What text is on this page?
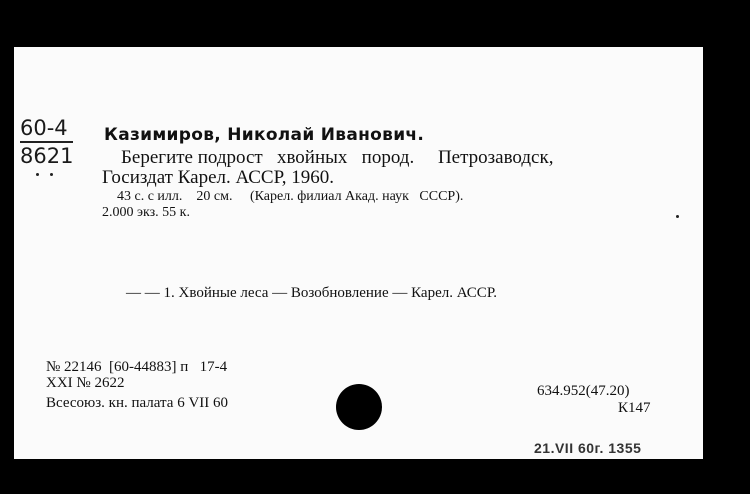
60-4
8621
Казимиров, Николай Иванович.
Берегите подрост   хвойных   пород.     Петрозаводск,
Госиздат Карел. АССР, 1960.
43 с. с илл.    20 см.     (Карел. филиал Акад. наук   СССР).
2.000 экз. 55 к.
— — 1. Хвойные леса — Возобновление — Карел. АССР.
№ 22146  [60-44883] п   17-4
XXI № 2622
Всесоюз. кн. палата 6 VII 60
634.952(47.20)
К147
21.VII 60г. 1355
